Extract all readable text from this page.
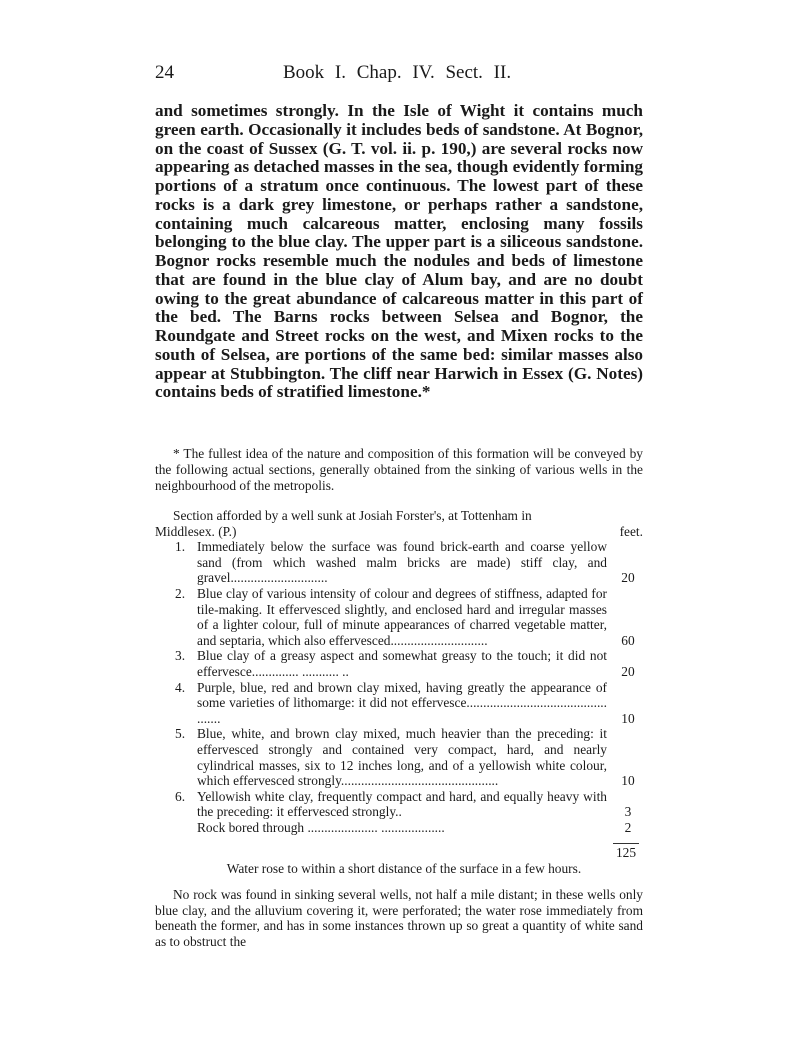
24	Book I. Chap. IV. Sect. II.

and sometimes strongly. In the Isle of Wight it contains much green earth. Occasionally it includes beds of sandstone. At Bognor, on the coast of Sussex (G. T. vol. ii. p. 190,) are several rocks now appearing as detached masses in the sea, though evidently forming portions of a stratum once continuous. The lowest part of these rocks is a dark grey limestone, or perhaps rather a sandstone, containing much calcareous matter, enclosing many fossils belonging to the blue clay. The upper part is a siliceous sandstone. Bognor rocks resemble much the nodules and beds of limestone that are found in the blue clay of Alum bay, and are no doubt owing to the great abundance of calcareous matter in this part of the bed. The Barns rocks between Selsea and Bognor, the Roundgate and Street rocks on the west, and Mixen rocks to the south of Selsea, are portions of the same bed: similar masses also appear at Stubbington. The cliff near Harwich in Essex (G. Notes) contains beds of stratified limestone.*

* The fullest idea of the nature and composition of this formation will be conveyed by the following actual sections, generally obtained from the sinking of various wells in the neighbourhood of the metropolis.

Section afforded by a well sunk at Josiah Forster's, at Tottenham in

Middlesex. (P.)	feet.

1. Immediately below the surface was found brick-earth and coarse yellow sand (from which washed malm bricks are made) stiff clay, and gravel.............................	20
2. Blue clay of various intensity of colour and degrees of stiffness, adapted for tile-making. It effervesced slightly, and enclosed hard and irregular masses of a lighter colour, full of minute appearances of charred vegetable matter, and septaria, which also effervesced.............................	60
3. Blue clay of a greasy aspect and somewhat greasy to the touch; it did not effervesce.............. ........... ..	20
4. Purple, blue, red and brown clay mixed, having greatly the appearance of some varieties of lithomarge: it did not effervesce.......................................... .......	10
5. Blue, white, and brown clay mixed, much heavier than the preceding: it effervesced strongly and contained very compact, hard, and nearly cylindrical masses, six to 12 inches long, and of a yellowish white colour, which effervesced strongly...............................................	10
6. Yellowish white clay, frequently compact and hard, and equally heavy with the preceding: it effervesced strongly..	3
Rock bored through ..................... ...................	2
125

Water rose to within a short distance of the surface in a few hours.

No rock was found in sinking several wells, not half a mile distant; in these wells only blue clay, and the alluvium covering it, were perforated; the water rose immediately from beneath the former, and has in some instances thrown up so great a quantity of white sand as to obstruct the
